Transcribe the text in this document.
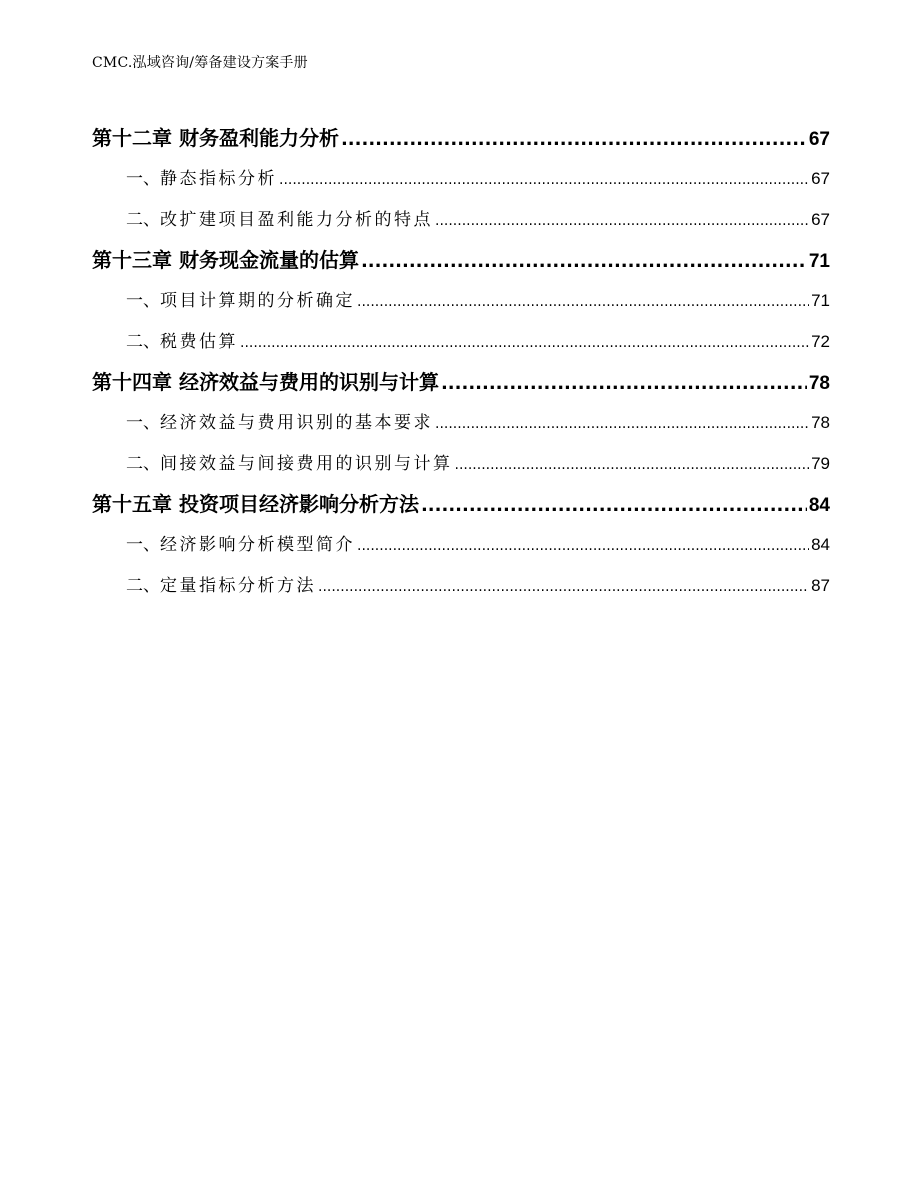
CMC.泓域咨询/筹备建设方案手册
第十二章 财务盈利能力分析 .....	67
一、 静态指标分析 .....	67
二、 改扩建项目盈利能力分析的特点 .....	67
第十三章 财务现金流量的估算 .....	71
一、 项目计算期的分析确定 .....	71
二、 税费估算 .....	72
第十四章 经济效益与费用的识别与计算 .....	78
一、 经济效益与费用识别的基本要求 .....	78
二、 间接效益与间接费用的识别与计算 .....	79
第十五章 投资项目经济影响分析方法 .....	84
一、 经济影响分析模型简介 .....	84
二、 定量指标分析方法 .....	87
